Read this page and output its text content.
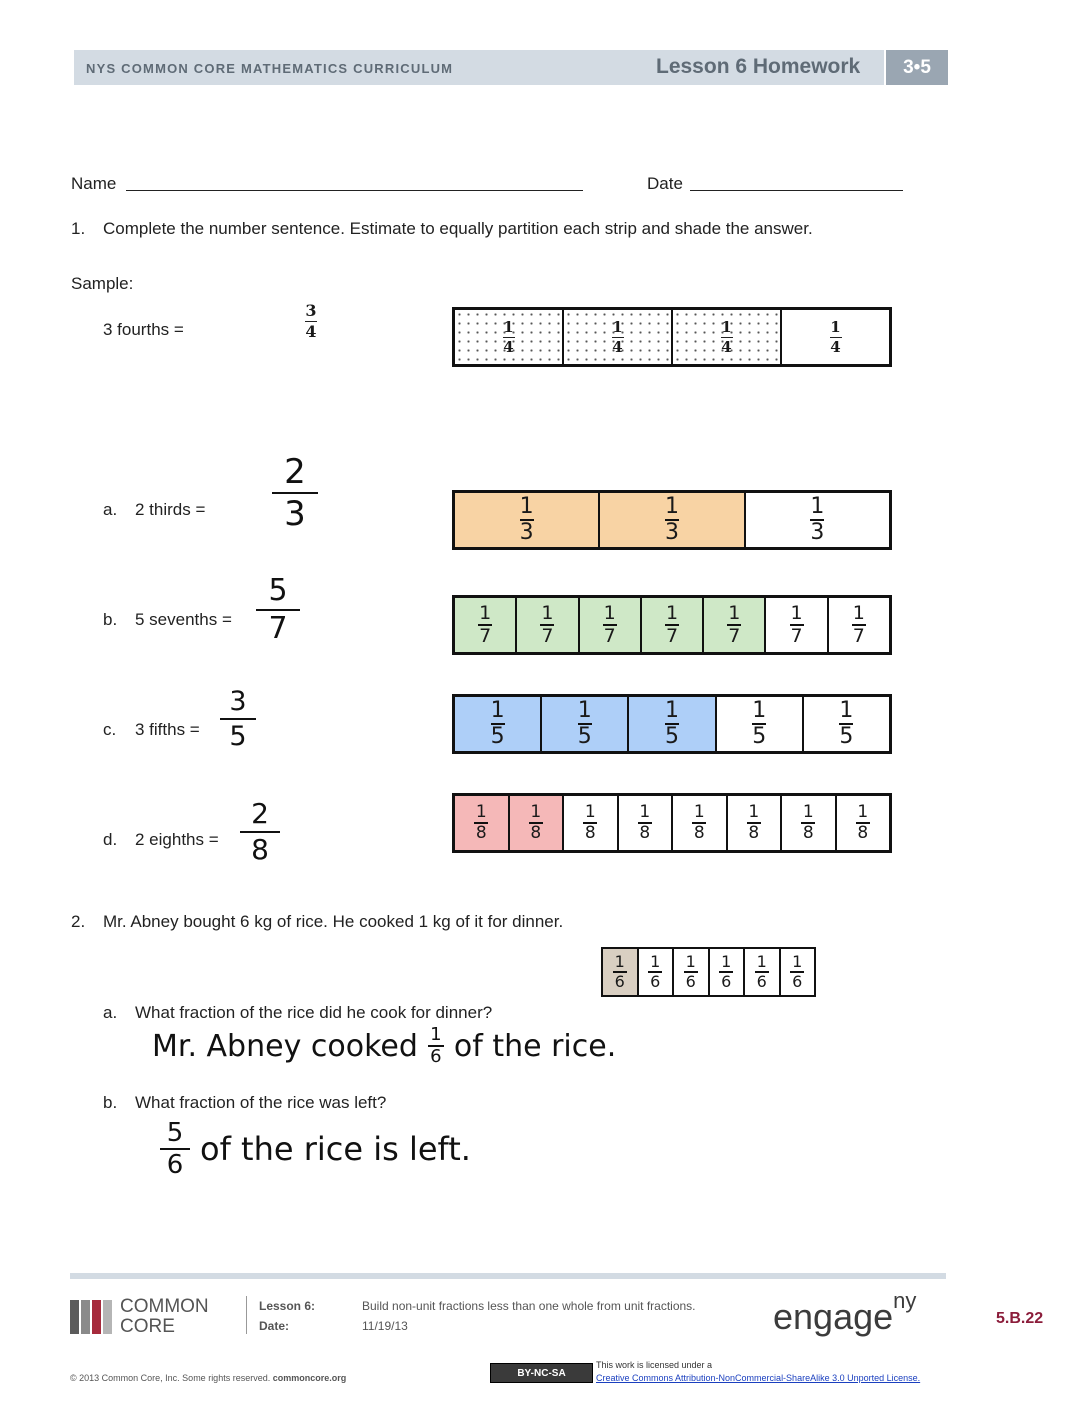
NYS COMMON CORE MATHEMATICS CURRICULUM	Lesson 6 Homework	3•5
Name	Date
1. Complete the number sentence. Estimate to equally partition each strip and shade the answer.
Sample:
3 fourths =
3
4	$\frac{1}{4}$	$\frac{1}{4}$	$\frac{1}{4}$	$\frac{1}{4}$
a. 2 thirds =
2
3	1
3
1
3
1
3
b. 5 sevenths =
5
7	1
7
1
7
1
7
1
7
1
7
1
7
1
7
c. 3 fifths =
3
5
1
5
1
5
1
5
1
5
1
5
d. 2 eighths =
2
8
1
8
1
8
1
8
1
8
1
8
1
8
1
8
1
8
2. Mr. Abney bought 6 kg of rice. He cooked 1 kg of it for dinner.
1
6
1
6
1
6
1
6
1
6
1
6
a. What fraction of the rice did he cook for dinner?
Mr. Abney cooked 1
6 of the rice.
b. What fraction of the rice was left?
5
6 of the rice is left.
COMMON
CORE
Lesson 6:	Build non-unit fractions less than one whole from unit fractions.
Date:	11/19/13	engage$^{ny}$
5.B.22
© 2013 Common Core, Inc. Some rights reserved. commoncore.org	BY-NC-SA
This work is licensed under a
Creative Commons Attribution-NonCommercial-ShareAlike 3.0 Unported License.
